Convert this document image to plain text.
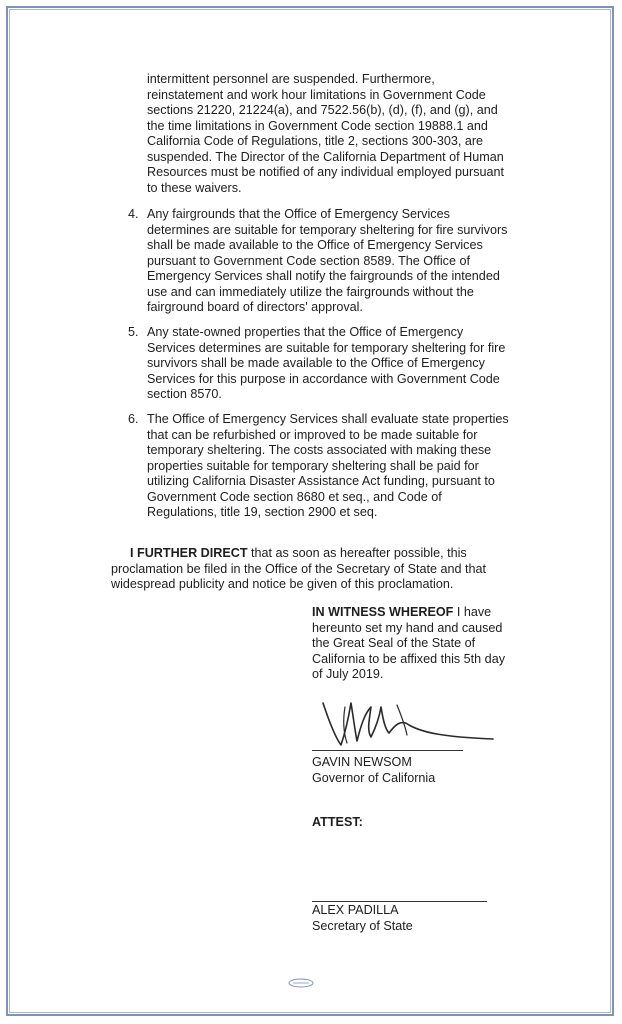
intermittent personnel are suspended. Furthermore,
reinstatement and work hour limitations in Government Code
sections 21220, 21224(a), and 7522.56(b), (d), (f), and (g), and
the time limitations in Government Code section 19888.1 and
California Code of Regulations, title 2, sections 300-303, are
suspended. The Director of the California Department of Human
Resources must be notified of any individual employed pursuant
to these waivers.
4. Any fairgrounds that the Office of Emergency Services
determines are suitable for temporary sheltering for fire survivors
shall be made available to the Office of Emergency Services
pursuant to Government Code section 8589. The Office of
Emergency Services shall notify the fairgrounds of the intended
use and can immediately utilize the fairgrounds without the
fairground board of directors' approval.
5. Any state-owned properties that the Office of Emergency
Services determines are suitable for temporary sheltering for fire
survivors shall be made available to the Office of Emergency
Services for this purpose in accordance with Government Code
section 8570.
6. The Office of Emergency Services shall evaluate state properties
that can be refurbished or improved to be made suitable for
temporary sheltering. The costs associated with making these
properties suitable for temporary sheltering shall be paid for
utilizing California Disaster Assistance Act funding, pursuant to
Government Code section 8680 et seq., and Code of
Regulations, title 19, section 2900 et seq.
I FURTHER DIRECT that as soon as hereafter possible, this
proclamation be filed in the Office of the Secretary of State and that
widespread publicity and notice be given of this proclamation.
IN WITNESS WHEREOF I have
hereunto set my hand and caused
the Great Seal of the State of
California to be affixed this 5th day
of July 2019.
GAVIN NEWSOM
Governor of California
ATTEST:
ALEX PADILLA
Secretary of State
